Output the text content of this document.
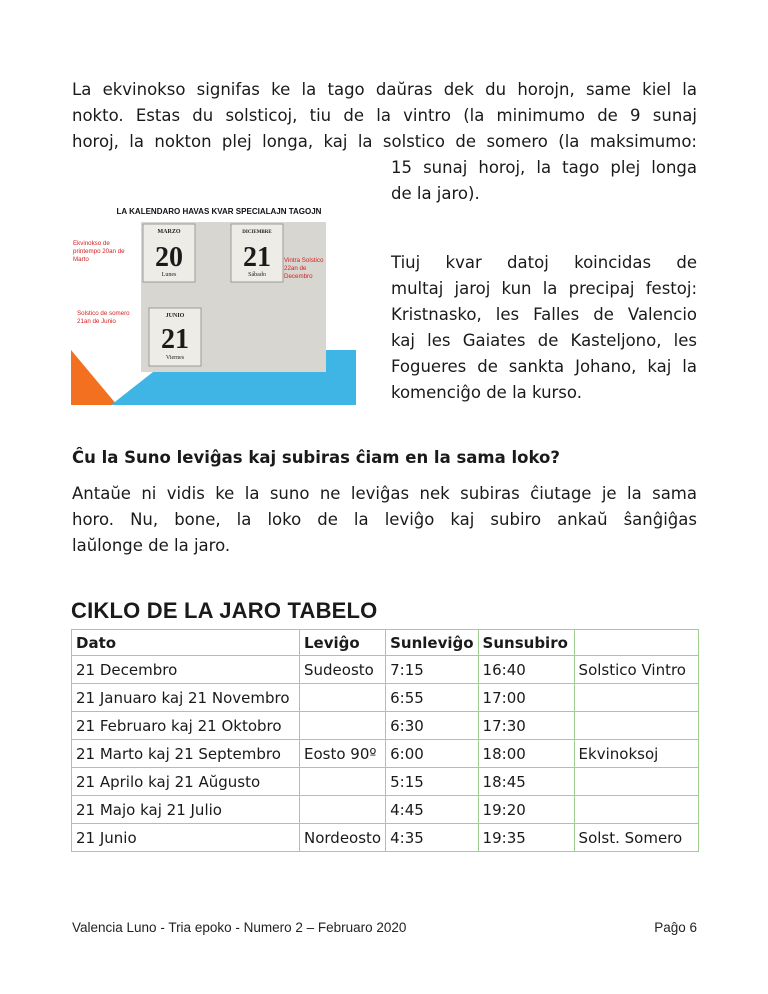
La ekvinokso signifas ke la tago daŭras dek du horojn, same kiel la
nokto. Estas du solsticoj, tiu de la vintro (la minimumo de 9 sunaj
horoj, la nokton plej longa, kaj la solstico de somero (la maksimumo:
15 sunaj horoj, la tago plej longa
de la jaro).
MARZO
20
Lunes
DICIEMBRE
21
Sábado
JUNIO
21
Viernes
LA KALENDARO HAVAS KVAR SPECIALAJN TAGOJN
Ekvinokso de
printempo 20an de
Marto	Vintra Solstico
22an de
Decembro
Solstico de somero
21an de Junio
Tiuj kvar datoj koincidas de
multaj jaroj kun la precipaj festoj:
Kristnasko, les Falles de Valencio
kaj les Gaiates de Kasteljono, les
Fogueres de sankta Johano, kaj la
komenciĝo de la kurso.
Ĉu la Suno leviĝas kaj subiras ĉiam en la sama loko?
Antaŭe ni vidis ke la suno ne leviĝas nek subiras ĉiutage je la sama
horo. Nu, bone, la loko de la leviĝo kaj subiro ankaŭ ŝanĝiĝas
laŭlonge de la jaro.
CIKLO DE LA JARO TABELO
Dato	Leviĝo	Sunleviĝo	Sunsubiro	
21 Decembro	Sudeosto	7:15	16:40	Solstico Vintro
21 Januaro kaj 21 Novembro		6:55	17:00	
21 Februaro kaj 21 Oktobro		6:30	17:30	
21 Marto kaj 21 Septembro	Eosto 90º	6:00	18:00	Ekvinoksoj
21 Aprilo kaj 21 Aŭgusto		5:15	18:45	
21 Majo kaj 21 Julio		4:45	19:20	
21 Junio	Nordeosto	4:35	19:35	Solst. Somero
Valencia Luno - Tria epoko - Numero 2 – Februaro 2020	Paĝo 6
